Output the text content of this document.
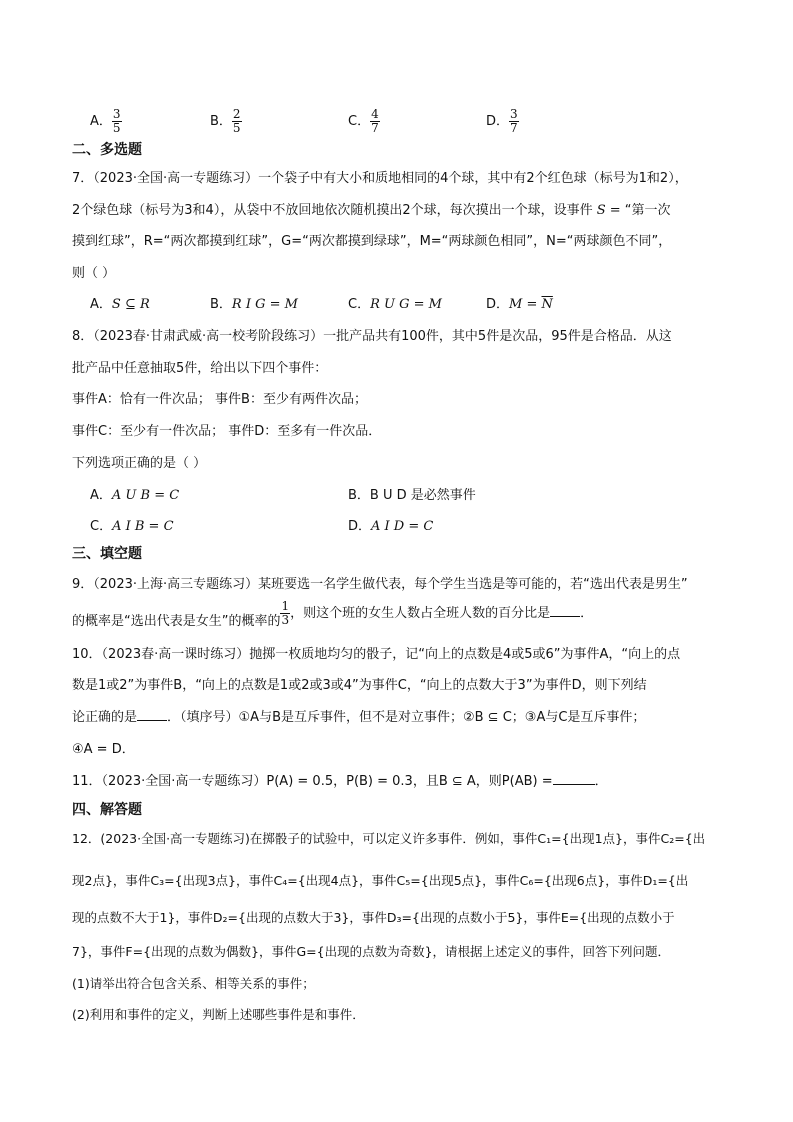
A． $\frac{3}{5}$	B． $\frac{2}{5}$	C． $\frac{4}{7}$	D． $\frac{3}{7}$
二、多选题
7．（2023·全国·高一专题练习）一个袋子中有大小和质地相同的4个球，其中有2个红色球（标号为1和2），
2个绿色球（标号为3和4），从袋中不放回地依次随机摸出2个球，每次摸出一个球，设事件 S = “第一次
摸到红球”，R=“两次都摸到红球”，G=“两次都摸到绿球”，M=“两球颜色相同”，N=“两球颜色不同”，
则（ ）
A．S ⊆ R	B．R I G = M	C．R U G = M	D．$M = \overline{N}$
8．（2023春·甘肃武威·高一校考阶段练习）一批产品共有100件，其中5件是次品，95件是合格品．从这
批产品中任意抽取5件，给出以下四个事件：
事件A：恰有一件次品； 事件B：至少有两件次品；
事件C：至少有一件次品； 事件D：至多有一件次品．
下列选项正确的是（ ）
A．A U B = C	B．B U D 是必然事件
C．A I B = C	D．A I D = C
三、填空题
9．（2023·上海·高三专题练习）某班要选一名学生做代表，每个学生当选是等可能的，若“选出代表是男生”
的概率是“选出代表是女生”的概率的 $\frac{1}{3}$ ，则这个班的女生人数占全班人数的百分比是 ．
10．（2023春·高一课时练习）抛掷一枚质地均匀的骰子，记“向上的点数是4或5或6”为事件A，“向上的点
数是1或2”为事件B，“向上的点数是1或2或3或4”为事件C，“向上的点数大于3”为事件D，则下列结
论正确的是 ．（填序号）①A与B是互斥事件，但不是对立事件；②B ⊆ C；③A与C是互斥事件；
④A = D．
11．（2023·全国·高一专题练习）P(A) = 0.5，P(B) = 0.3，且B ⊆ A，则P(AB) =	．
四、解答题
12．(2023·全国·高一专题练习)在掷骰子的试验中，可以定义许多事件．例如，事件C₁={出现1点}，事件C₂={出
现2点}，事件C₃={出现3点}，事件C₄={出现4点}，事件C₅={出现5点}，事件C₆={出现6点}，事件D₁={出
现的点数不大于1}，事件D₂={出现的点数大于3}，事件D₃={出现的点数小于5}，事件E={出现的点数小于
7}，事件F={出现的点数为偶数}，事件G={出现的点数为奇数}，请根据上述定义的事件，回答下列问题．
(1)请举出符合包含关系、相等关系的事件；
(2)利用和事件的定义，判断上述哪些事件是和事件．
